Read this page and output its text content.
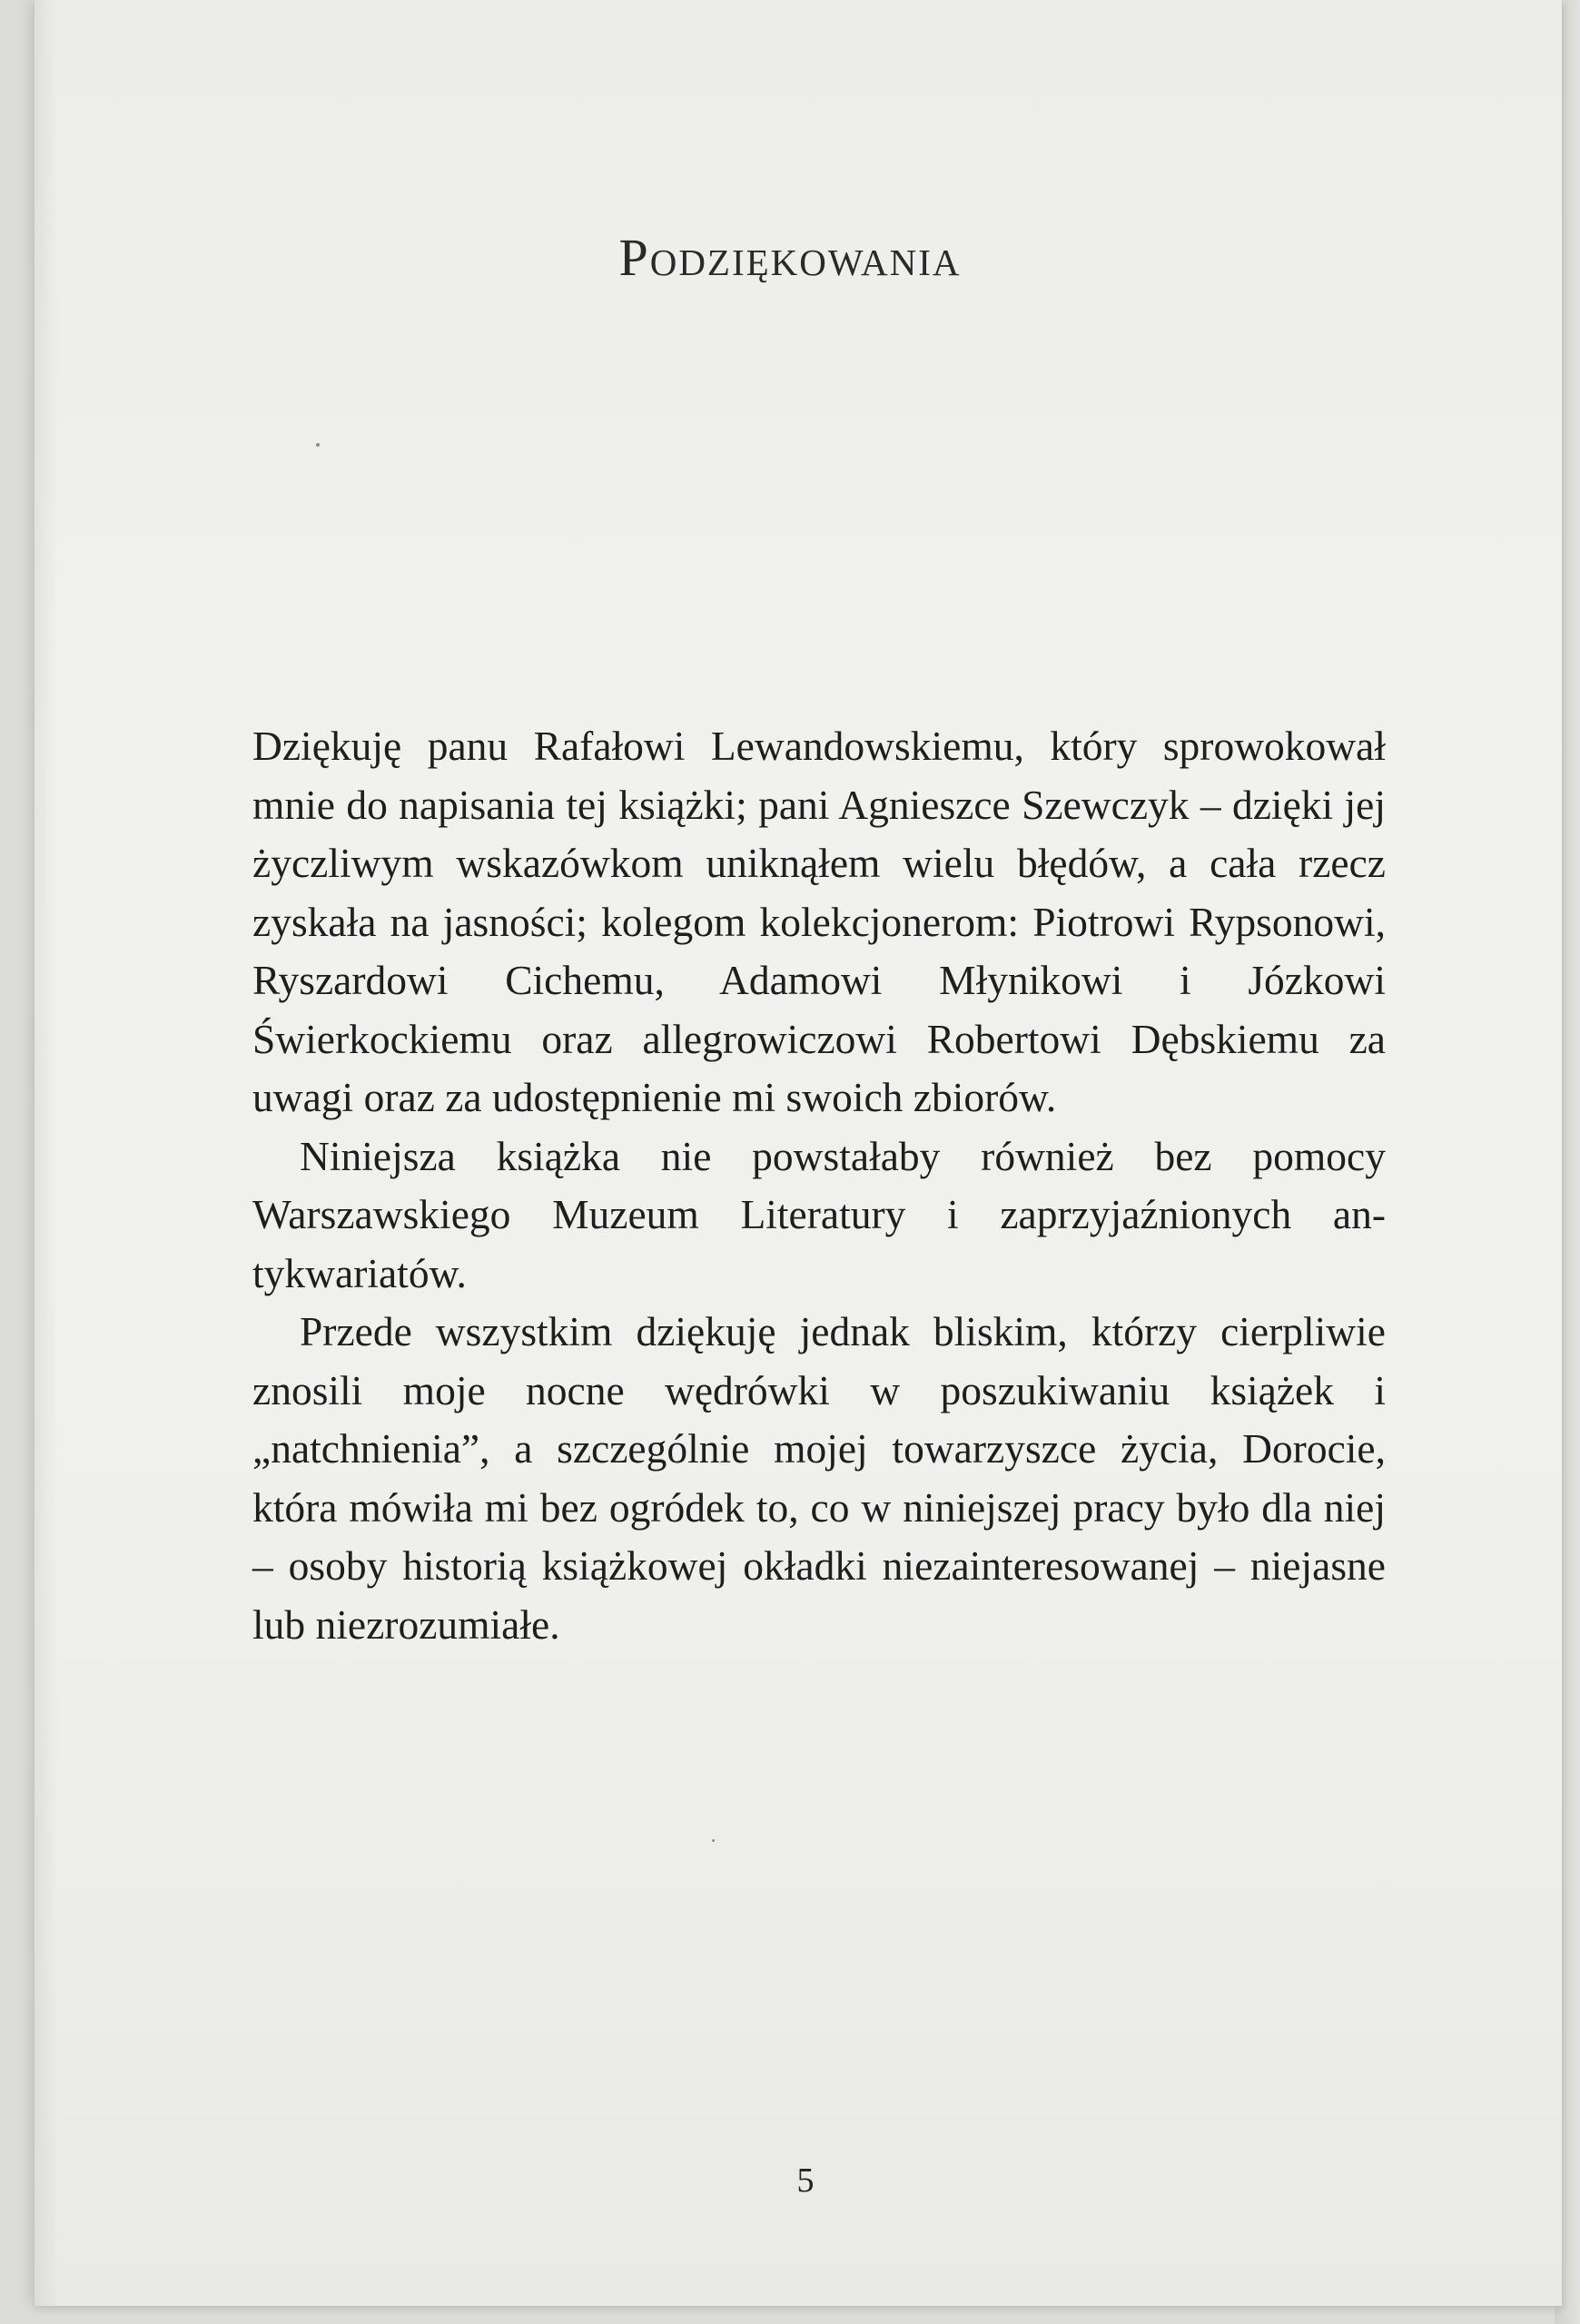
Podziękowania

Dziękuję panu Rafałowi Lewandowskiemu, który sprowokował mnie do napisania tej książki; pani Agnieszce Szewczyk – dzięki jej życzliwym wskazówkom uniknąłem wielu błędów, a cała rzecz zyskała na jasności; kolegom kolekcjonerom: Piotrowi Rypsonowi, Ryszardowi Cichemu, Adamowi Młynikowi i Józkowi Świerkockiemu oraz allegrowiczowi Robertowi Dębskiemu za uwagi oraz za udostępnienie mi swoich zbiorów.

Niniejsza książka nie powstałaby również bez pomocy Warszawskiego Muzeum Literatury i zaprzyjaźnionych antykwariatów.

Przede wszystkim dziękuję jednak bliskim, którzy cierpliwie znosili moje nocne wędrówki w poszukiwaniu książek i „natchnienia”, a szczególnie mojej towarzyszce życia, Dorocie, która mówiła mi bez ogródek to, co w niniejszej pracy było dla niej – osoby historią książkowej okładki niezainteresowanej – niejasne lub niezrozumiałe.

5
